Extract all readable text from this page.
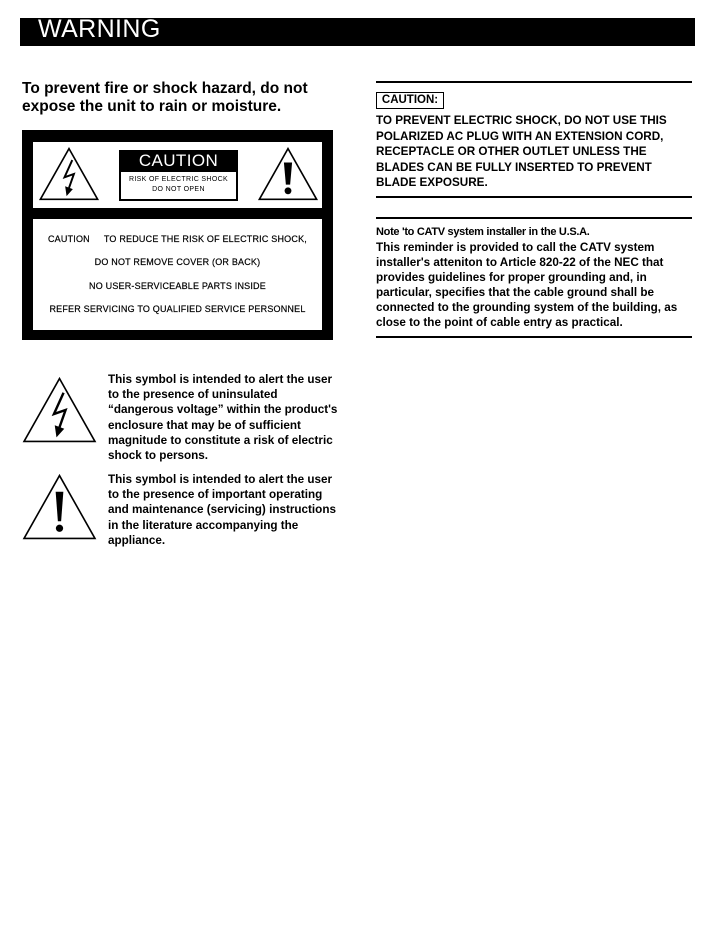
WARNING
To prevent fire or shock hazard, do not
expose the unit to rain or moisture.
CAUTION
RISK OF ELECTRIC SHOCK
DO NOT OPEN
CAUTION TO REDUCE THE RISK OF ELECTRIC SHOCK,
DO NOT REMOVE COVER (OR BACK)
NO USER-SERVICEABLE PARTS INSIDE
REFER SERVICING TO QUALIFIED SERVICE PERSONNEL
This symbol is intended to alert the user
to the presence of uninsulated
“dangerous voltage” within the product's
enclosure that may be of sufficient
magnitude to constitute a risk of electric
shock to persons.
This symbol is intended to alert the user
to the presence of important operating
and maintenance (servicing) instructions
in the literature accompanying the
appliance.
CAUTION:
TO PREVENT ELECTRIC SHOCK, DO NOT USE THIS
POLARIZED AC PLUG WITH AN EXTENSION CORD,
RECEPTACLE OR OTHER OUTLET UNLESS THE
BLADES CAN BE FULLY INSERTED TO PREVENT
BLADE EXPOSURE.
Note 'to CATV system installer in the U.S.A.
This reminder is provided to call the CATV system
installer's atteniton to Article 820-22 of the NEC that
provides guidelines for proper grounding and, in
particular, specifies that the cable ground shall be
connected to the grounding system of the building, as
close to the point of cable entry as practical.
